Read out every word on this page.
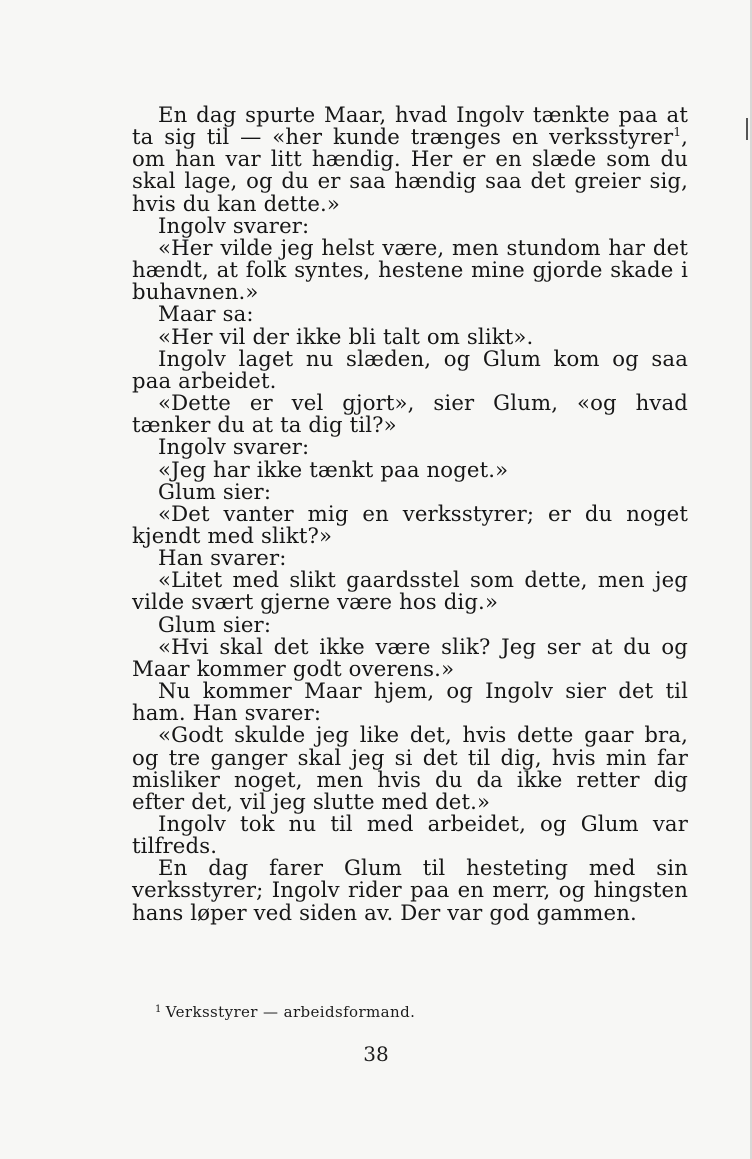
En dag spurte Maar, hvad Ingolv tænkte paa at ta sig til — «her kunde trænges en verksstyrer$^1$, om han var litt hændig. Her er en slæde som du skal lage, og du er saa hændig saa det greier sig, hvis du kan dette.»

Ingolv svarer:

«Her vilde jeg helst være, men stundom har det hændt, at folk syntes, hestene mine gjorde skade i buhavnen.»

Maar sa:

«Her vil der ikke bli talt om slikt».

Ingolv laget nu slæden, og Glum kom og saa paa arbeidet.

«Dette er vel gjort», sier Glum, «og hvad tænker du at ta dig til?»

Ingolv svarer:

«Jeg har ikke tænkt paa noget.»

Glum sier:

«Det vanter mig en verksstyrer; er du noget kjendt med slikt?»

Han svarer:

«Litet med slikt gaardsstel som dette, men jeg vilde svært gjerne være hos dig.»

Glum sier:

«Hvi skal det ikke være slik? Jeg ser at du og Maar kommer godt overens.»

Nu kommer Maar hjem, og Ingolv sier det til ham. Han svarer:

«Godt skulde jeg like det, hvis dette gaar bra, og tre ganger skal jeg si det til dig, hvis min far misliker noget, men hvis du da ikke retter dig efter det, vil jeg slutte med det.»

Ingolv tok nu til med arbeidet, og Glum var tilfreds.

En dag farer Glum til hesteting med sin verksstyrer; Ingolv rider paa en merr, og hingsten hans løper ved siden av. Der var god gammen.

$^1$ Verksstyrer — arbeidsformand.
38
